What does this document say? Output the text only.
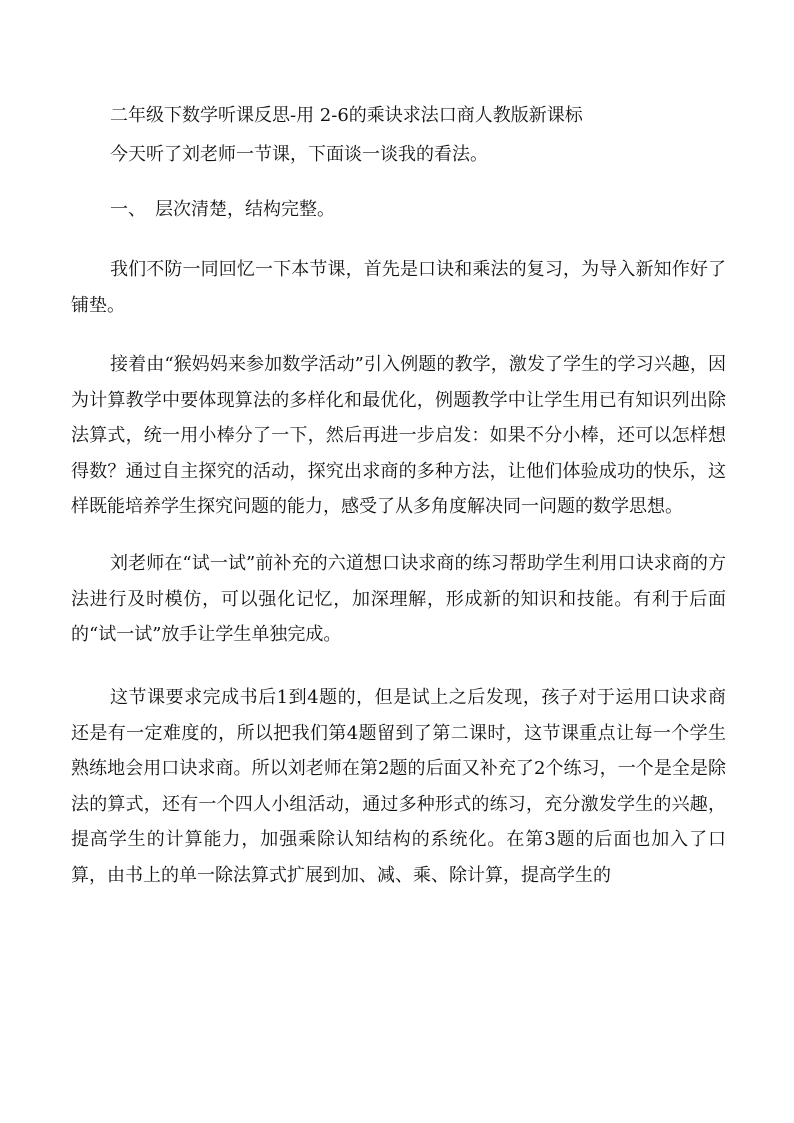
二年级下数学听课反思-用 2-6的乘诀求法口商人教版新课标

今天听了刘老师一节课，下面谈一谈我的看法。

一、　层次清楚，结构完整。

我们不防一同回忆一下本节课，首先是口诀和乘法的复习，为导入新知作好了铺垫。

接着由“猴妈妈来参加数学活动”引入例题的教学，激发了学生的学习兴趣，因为计算教学中要体现算法的多样化和最优化，例题教学中让学生用已有知识列出除法算式，统一用小棒分了一下，然后再进一步启发：如果不分小棒，还可以怎样想得数？通过自主探究的活动，探究出求商的多种方法，让他们体验成功的快乐，这样既能培养学生探究问题的能力，感受了从多角度解决同一问题的数学思想。

刘老师在“试一试”前补充的六道想口诀求商的练习帮助学生利用口诀求商的方法进行及时模仿，可以强化记忆，加深理解，形成新的知识和技能。有利于后面的“试一试”放手让学生单独完成。

这节课要求完成书后1到4题的，但是试上之后发现，孩子对于运用口诀求商还是有一定难度的，所以把我们第4题留到了第二课时，这节课重点让每一个学生熟练地会用口诀求商。所以刘老师在第2题的后面又补充了2个练习，一个是全是除法的算式，还有一个四人小组活动，通过多种形式的练习，充分激发学生的兴趣，提高学生的计算能力，加强乘除认知结构的系统化。在第3题的后面也加入了口算，由书上的单一除法算式扩展到加、减、乘、除计算，提高学生的
